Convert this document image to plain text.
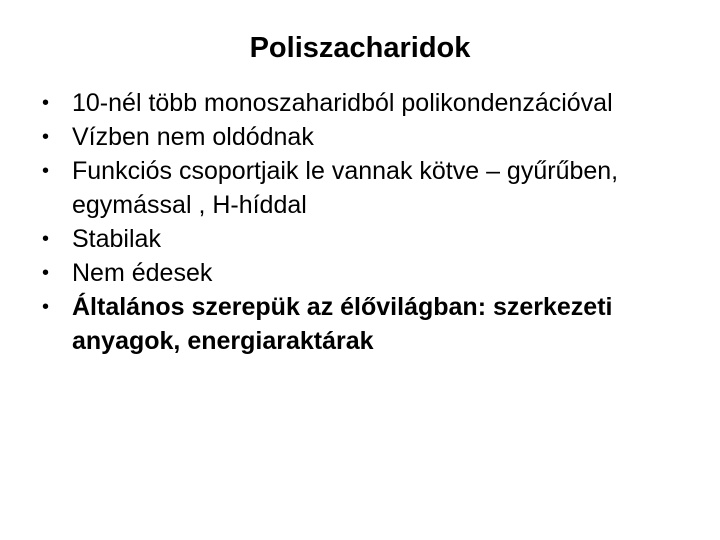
Poliszacharidok
• 10-nél több monoszaharidból polikondenzációval
• Vízben nem oldódnak
• Funkciós csoportjaik le vannak kötve – gyűrűben, egymással , H-híddal
• Stabilak
• Nem édesek
• Általános szerepük az élővilágban: szerkezeti anyagok, energiaraktárak
